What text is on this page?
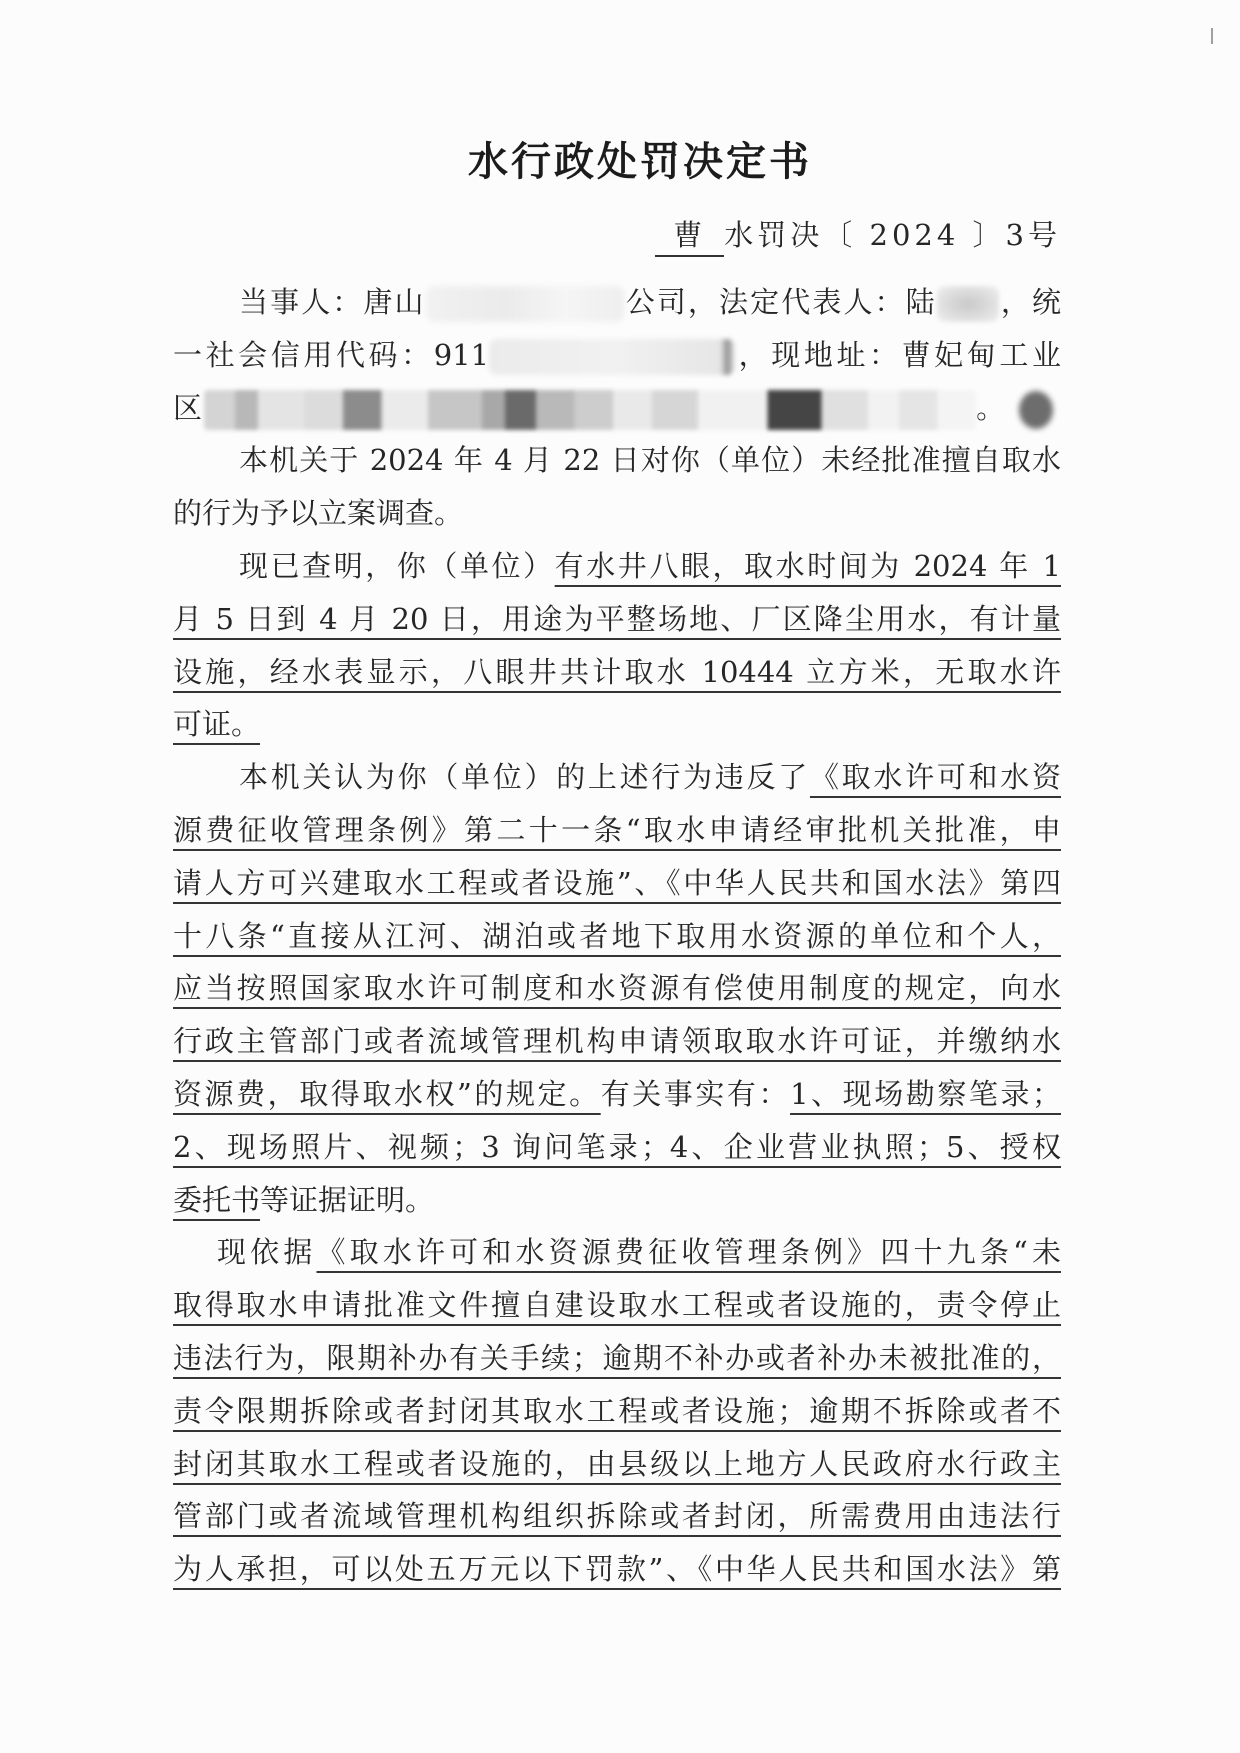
水行政处罚决定书
曹 水罚决〔 2024 〕3号
当事人：唐山	公司，法定代表人：陆 ，统
一社会信用代码：911	，现地址：曹妃甸工业
区	。
本机关于 2024 年 4 月 22 日对你（单位）未经批准擅自取水
的行为予以立案调查。
现已查明，你（单位）有水井八眼，取水时间为 2024 年 1
月 5 日到 4 月 20 日，用途为平整场地、厂区降尘用水，有计量
设施，经水表显示，八眼井共计取水 10444 立方米，无取水许
可证。
本机关认为你（单位）的上述行为违反了《取水许可和水资
源费征收管理条例》第二十一条“取水申请经审批机关批准，申
请人方可兴建取水工程或者设施”、《中华人民共和国水法》第四
十八条“直接从江河、湖泊或者地下取用水资源的单位和个人，
应当按照国家取水许可制度和水资源有偿使用制度的规定，向水
行政主管部门或者流域管理机构申请领取取水许可证，并缴纳水
资源费，取得取水权”的规定。有关事实有：1、现场勘察笔录；
2、现场照片、视频；3 询问笔录；4、企业营业执照；5、授权
委托书等证据证明。
现依据《取水许可和水资源费征收管理条例》四十九条“未
取得取水申请批准文件擅自建设取水工程或者设施的，责令停止
违法行为，限期补办有关手续；逾期不补办或者补办未被批准的，
责令限期拆除或者封闭其取水工程或者设施；逾期不拆除或者不
封闭其取水工程或者设施的，由县级以上地方人民政府水行政主
管部门或者流域管理机构组织拆除或者封闭，所需费用由违法行
为人承担，可以处五万元以下罚款”、《中华人民共和国水法》第
